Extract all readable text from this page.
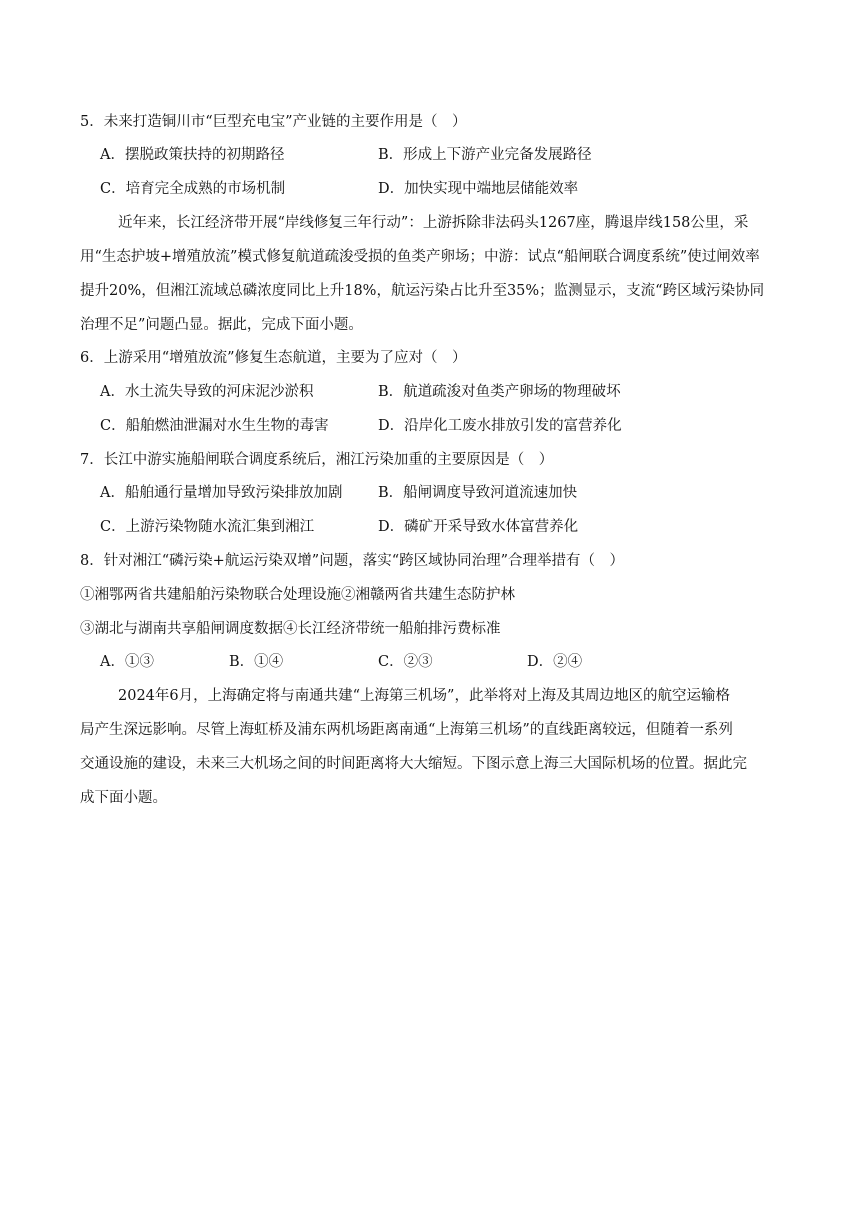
5．未来打造铜川市“巨型充电宝”产业链的主要作用是（　）
A．摆脱政策扶持的初期路径	B．形成上下游产业完备发展路径
C．培育完全成熟的市场机制	D．加快实现中端地层储能效率
近年来，长江经济带开展“岸线修复三年行动”：上游拆除非法码头1267座，腾退岸线158公里，采
用“生态护坡+增殖放流”模式修复航道疏浚受损的鱼类产卵场；中游：试点“船闸联合调度系统”使过闸效率
提升20%，但湘江流域总磷浓度同比上升18%，航运污染占比升至35%；监测显示，支流“跨区域污染协同
治理不足”问题凸显。据此，完成下面小题。
6．上游采用“增殖放流”修复生态航道，主要为了应对（　）
A．水土流失导致的河床泥沙淤积	B．航道疏浚对鱼类产卵场的物理破坏
C．船舶燃油泄漏对水生生物的毒害	D．沿岸化工废水排放引发的富营养化
7．长江中游实施船闸联合调度系统后，湘江污染加重的主要原因是（　）
A．船舶通行量增加导致污染排放加剧 B．船闸调度导致河道流速加快
C．上游污染物随水流汇集到湘江	D．磷矿开采导致水体富营养化
8．针对湘江“磷污染+航运污染双增”问题，落实“跨区域协同治理”合理举措有（　）
①湘鄂两省共建船舶污染物联合处理设施②湘赣两省共建生态防护林
③湖北与湖南共享船闸调度数据④长江经济带统一船舶排污费标准
A．①③	B．①④	C．②③	D．②④
2024年6月，上海确定将与南通共建“上海第三机场”，此举将对上海及其周边地区的航空运输格
局产生深远影响。尽管上海虹桥及浦东两机场距离南通“上海第三机场”的直线距离较远，但随着一系列
交通设施的建设，未来三大机场之间的时间距离将大大缩短。下图示意上海三大国际机场的位置。据此完
成下面小题。
